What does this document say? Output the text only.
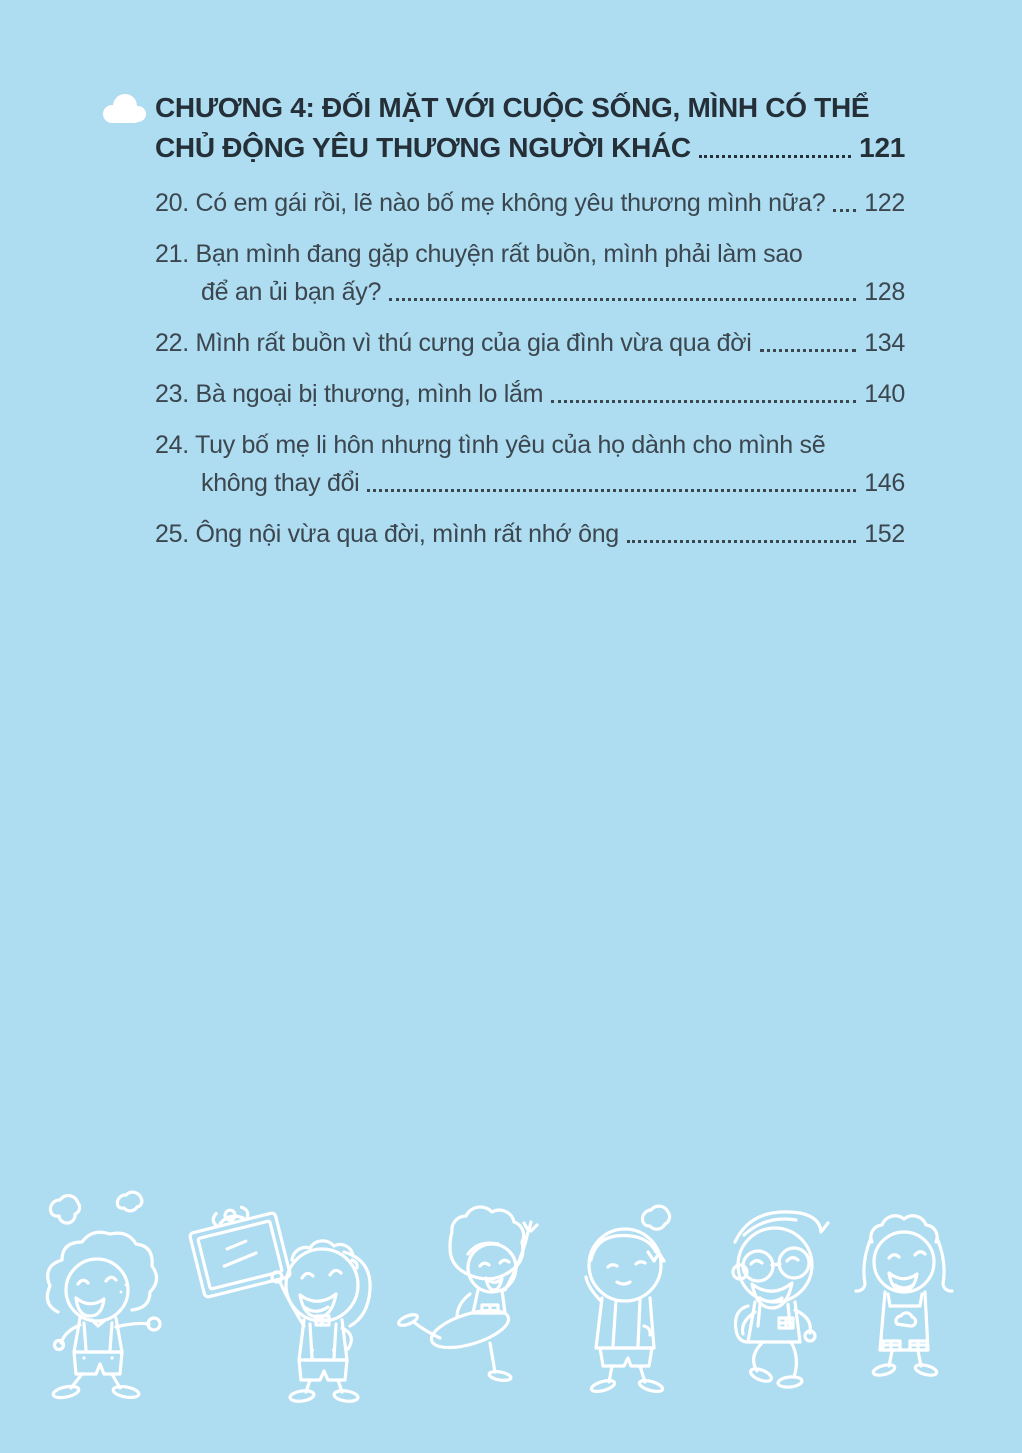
CHƯƠNG 4: ĐỐI MẶT VỚI CUỘC SỐNG, MÌNH CÓ THỂ
CHỦ ĐỘNG YÊU THƯƠNG NGƯỜI KHÁC	121
20. Có em gái rồi, lẽ nào bố mẹ không yêu thương mình nữa? 122
21. Bạn mình đang gặp chuyện rất buồn, mình phải làm sao
để an ủi bạn ấy?	128
22. Mình rất buồn vì thú cưng của gia đình vừa qua đời	134
23. Bà ngoại bị thương, mình lo lắm	140
24. Tuy bố mẹ li hôn nhưng tình yêu của họ dành cho mình sẽ
không thay đổi	146
25. Ông nội vừa qua đời, mình rất nhớ ông	152
